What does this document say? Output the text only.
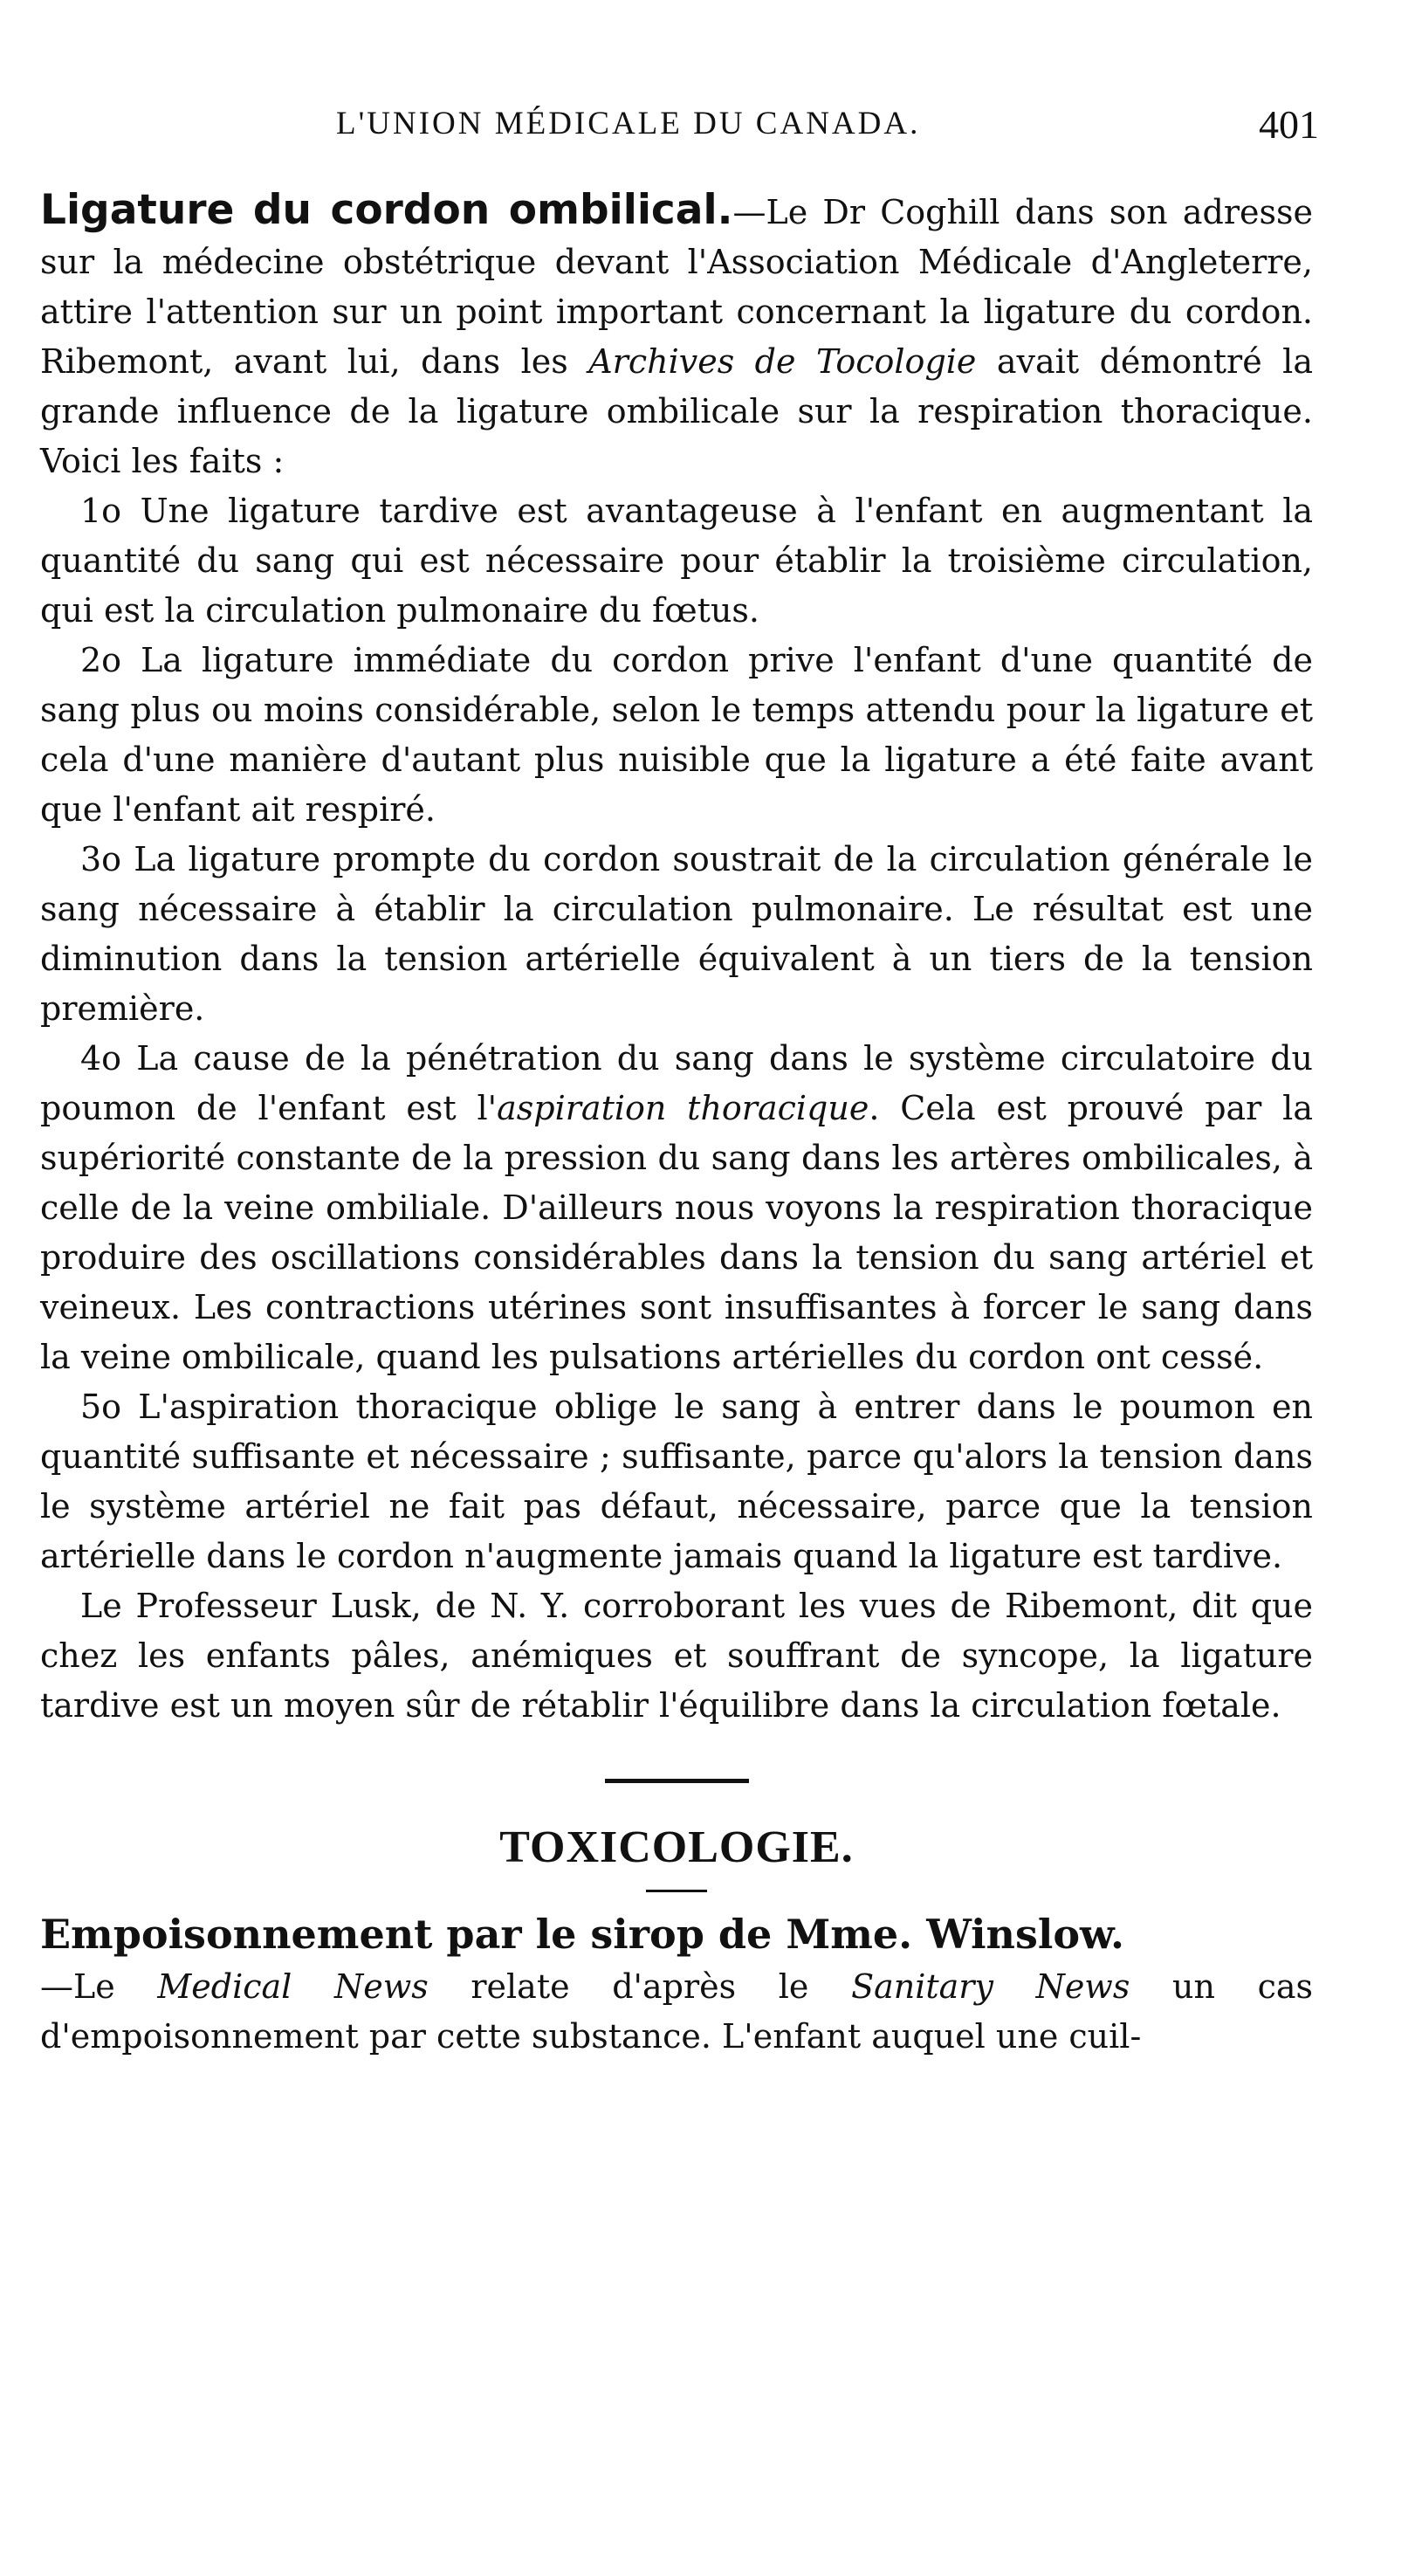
L'UNION MÉDICALE DU CANADA.	401

Ligature du cordon ombilical.—Le Dr Coghill dans son adresse sur la médecine obstétrique devant l'Association Médicale d'Angleterre, attire l'attention sur un point important concernant la ligature du cordon. Ribemont, avant lui, dans les Archives de Tocologie avait démontré la grande influence de la ligature ombilicale sur la respiration thoracique. Voici les faits :

1o Une ligature tardive est avantageuse à l'enfant en augmentant la quantité du sang qui est nécessaire pour établir la troisième circulation, qui est la circulation pulmonaire du fœtus.

2o La ligature immédiate du cordon prive l'enfant d'une quantité de sang plus ou moins considérable, selon le temps attendu pour la ligature et cela d'une manière d'autant plus nuisible que la ligature a été faite avant que l'enfant ait respiré.

3o La ligature prompte du cordon soustrait de la circulation générale le sang nécessaire à établir la circulation pulmonaire. Le résultat est une diminution dans la tension artérielle équivalent à un tiers de la tension première.

4o La cause de la pénétration du sang dans le système circulatoire du poumon de l'enfant est l'aspiration thoracique. Cela est prouvé par la supériorité constante de la pression du sang dans les artères ombilicales, à celle de la veine ombiliale. D'ailleurs nous voyons la respiration thoracique produire des oscillations considérables dans la tension du sang artériel et veineux. Les contractions utérines sont insuffisantes à forcer le sang dans la veine ombilicale, quand les pulsations artérielles du cordon ont cessé.

5o L'aspiration thoracique oblige le sang à entrer dans le poumon en quantité suffisante et nécessaire ; suffisante, parce qu'alors la tension dans le système artériel ne fait pas défaut, nécessaire, parce que la tension artérielle dans le cordon n'augmente jamais quand la ligature est tardive.

Le Professeur Lusk, de N. Y. corroborant les vues de Ribemont, dit que chez les enfants pâles, anémiques et souffrant de syncope, la ligature tardive est un moyen sûr de rétablir l'équilibre dans la circulation fœtale.

TOXICOLOGIE.

Empoisonnement par le sirop de Mme. Winslow.
—Le Medical News relate d'après le Sanitary News un cas d'empoisonnement par cette substance. L'enfant auquel une cuil-
